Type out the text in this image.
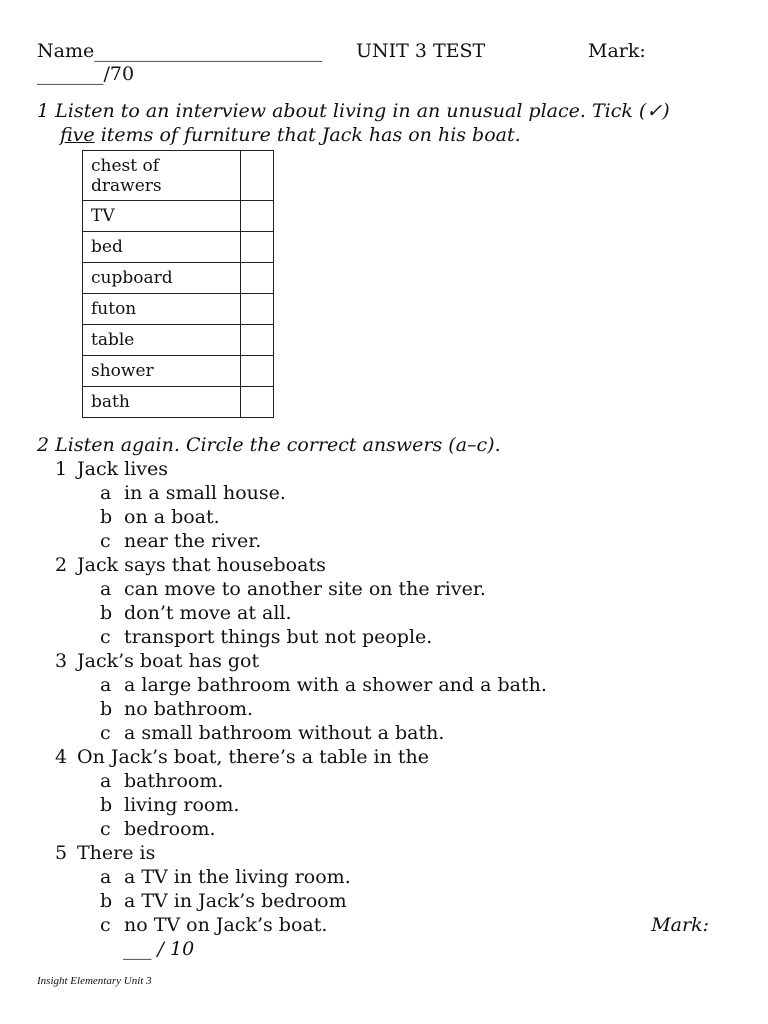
Name________________________ UNIT 3 TEST	Mark:
_______/70
1 Listen to an interview about living in an unusual place. Tick (✓)
five items of furniture that Jack has on his boat.
chest of drawers	
TV	
bed	
cupboard	
futon	
table	
shower	
bath	
2 Listen again. Circle the correct answers (a–c).
1 Jack lives
a in a small house.
b on a boat.
c near the river.
2 Jack says that houseboats
a can move to another site on the river.
b don’t move at all.
c transport things but not people.
3 Jack’s boat has got
a a large bathroom with a shower and a bath.
b no bathroom.
c a small bathroom without a bath.
4 On Jack’s boat, there’s a table in the
a bathroom.
b living room.
c bedroom.
5 There is
a a TV in the living room.
b a TV in Jack’s bedroom
c no TV on Jack’s boat.	Mark:
___ / 10
Insight Elementary Unit 3
